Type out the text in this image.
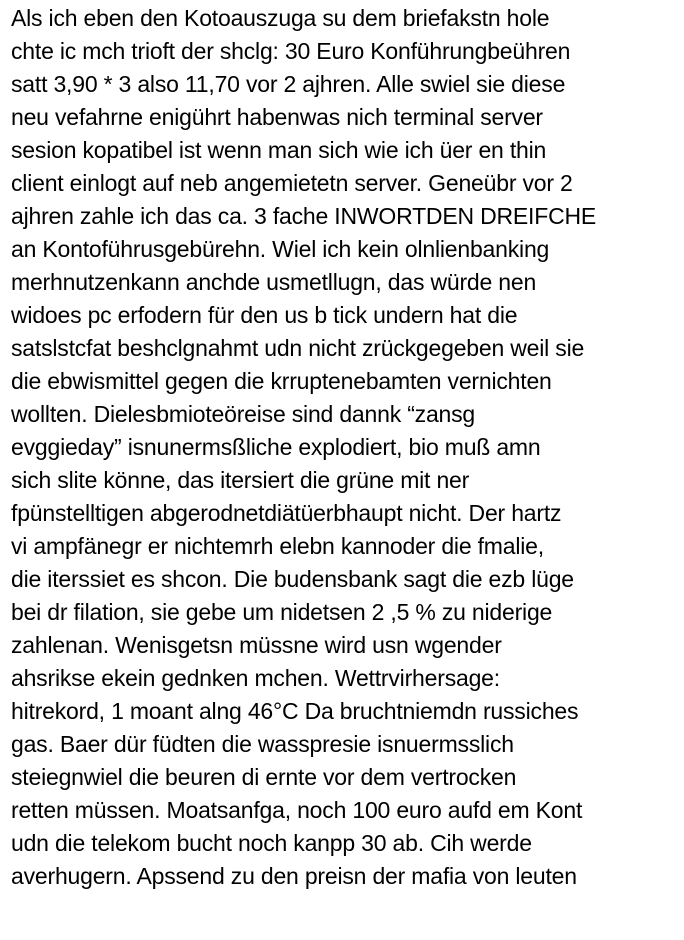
Als ich eben den Kotoauszuga su dem briefakstn hole
chte ic mch trioft der shclg: 30 Euro Konführungbeühren
satt 3,90 * 3 also 11,70 vor 2 ajhren. Alle swiel sie diese
neu vefahrne enigührt habenwas nich terminal server
sesion kopatibel ist wenn man sich wie ich üer en thin
client einlogt auf neb angemietetn server. Geneübr vor 2
ajhren zahle ich das ca. 3 fache INWORTDEN DREIFCHE
an Kontoführusgebürehn. Wiel ich kein olnlienbanking
merhnutzenkann anchde usmetllugn, das würde nen
widoes pc erfodern für den us b tick undern hat die
satslstcfat beshclgnahmt udn nicht zrückgegeben weil sie
die ebwismittel gegen die krruptenebamten vernichten
wollten. Dielesbmioteöreise sind dannk “zansg
evggieday” isnunermsßliche explodiert, bio muß amn
sich slite könne, das itersiert die grüne mit ner
fpünstelltigen abgerodnetdiätüerbhaupt nicht. Der hartz
vi ampfänegr er nichtemrh elebn kannoder die fmalie,
die iterssiet es shcon. Die budensbank sagt die ezb lüge
bei dr filation, sie gebe um nidetsen 2 ,5 % zu niderige
zahlenan. Wenisgetsn müssne wird usn wgender
ahsrikse ekein gednken mchen. Wettrvirhersage:
hitrekord, 1 moant alng 46°C Da bruchtniemdn russiches
gas. Baer dür füdten die wasspresie isnuermsslich
steiegnwiel die beuren di ernte vor dem vertrocken
retten müssen. Moatsanfga, noch 100 euro aufd em Kont
udn die telekom bucht noch kanpp 30 ab. Cih werde
averhugern. Apssend zu den preisn der mafia von leuten
